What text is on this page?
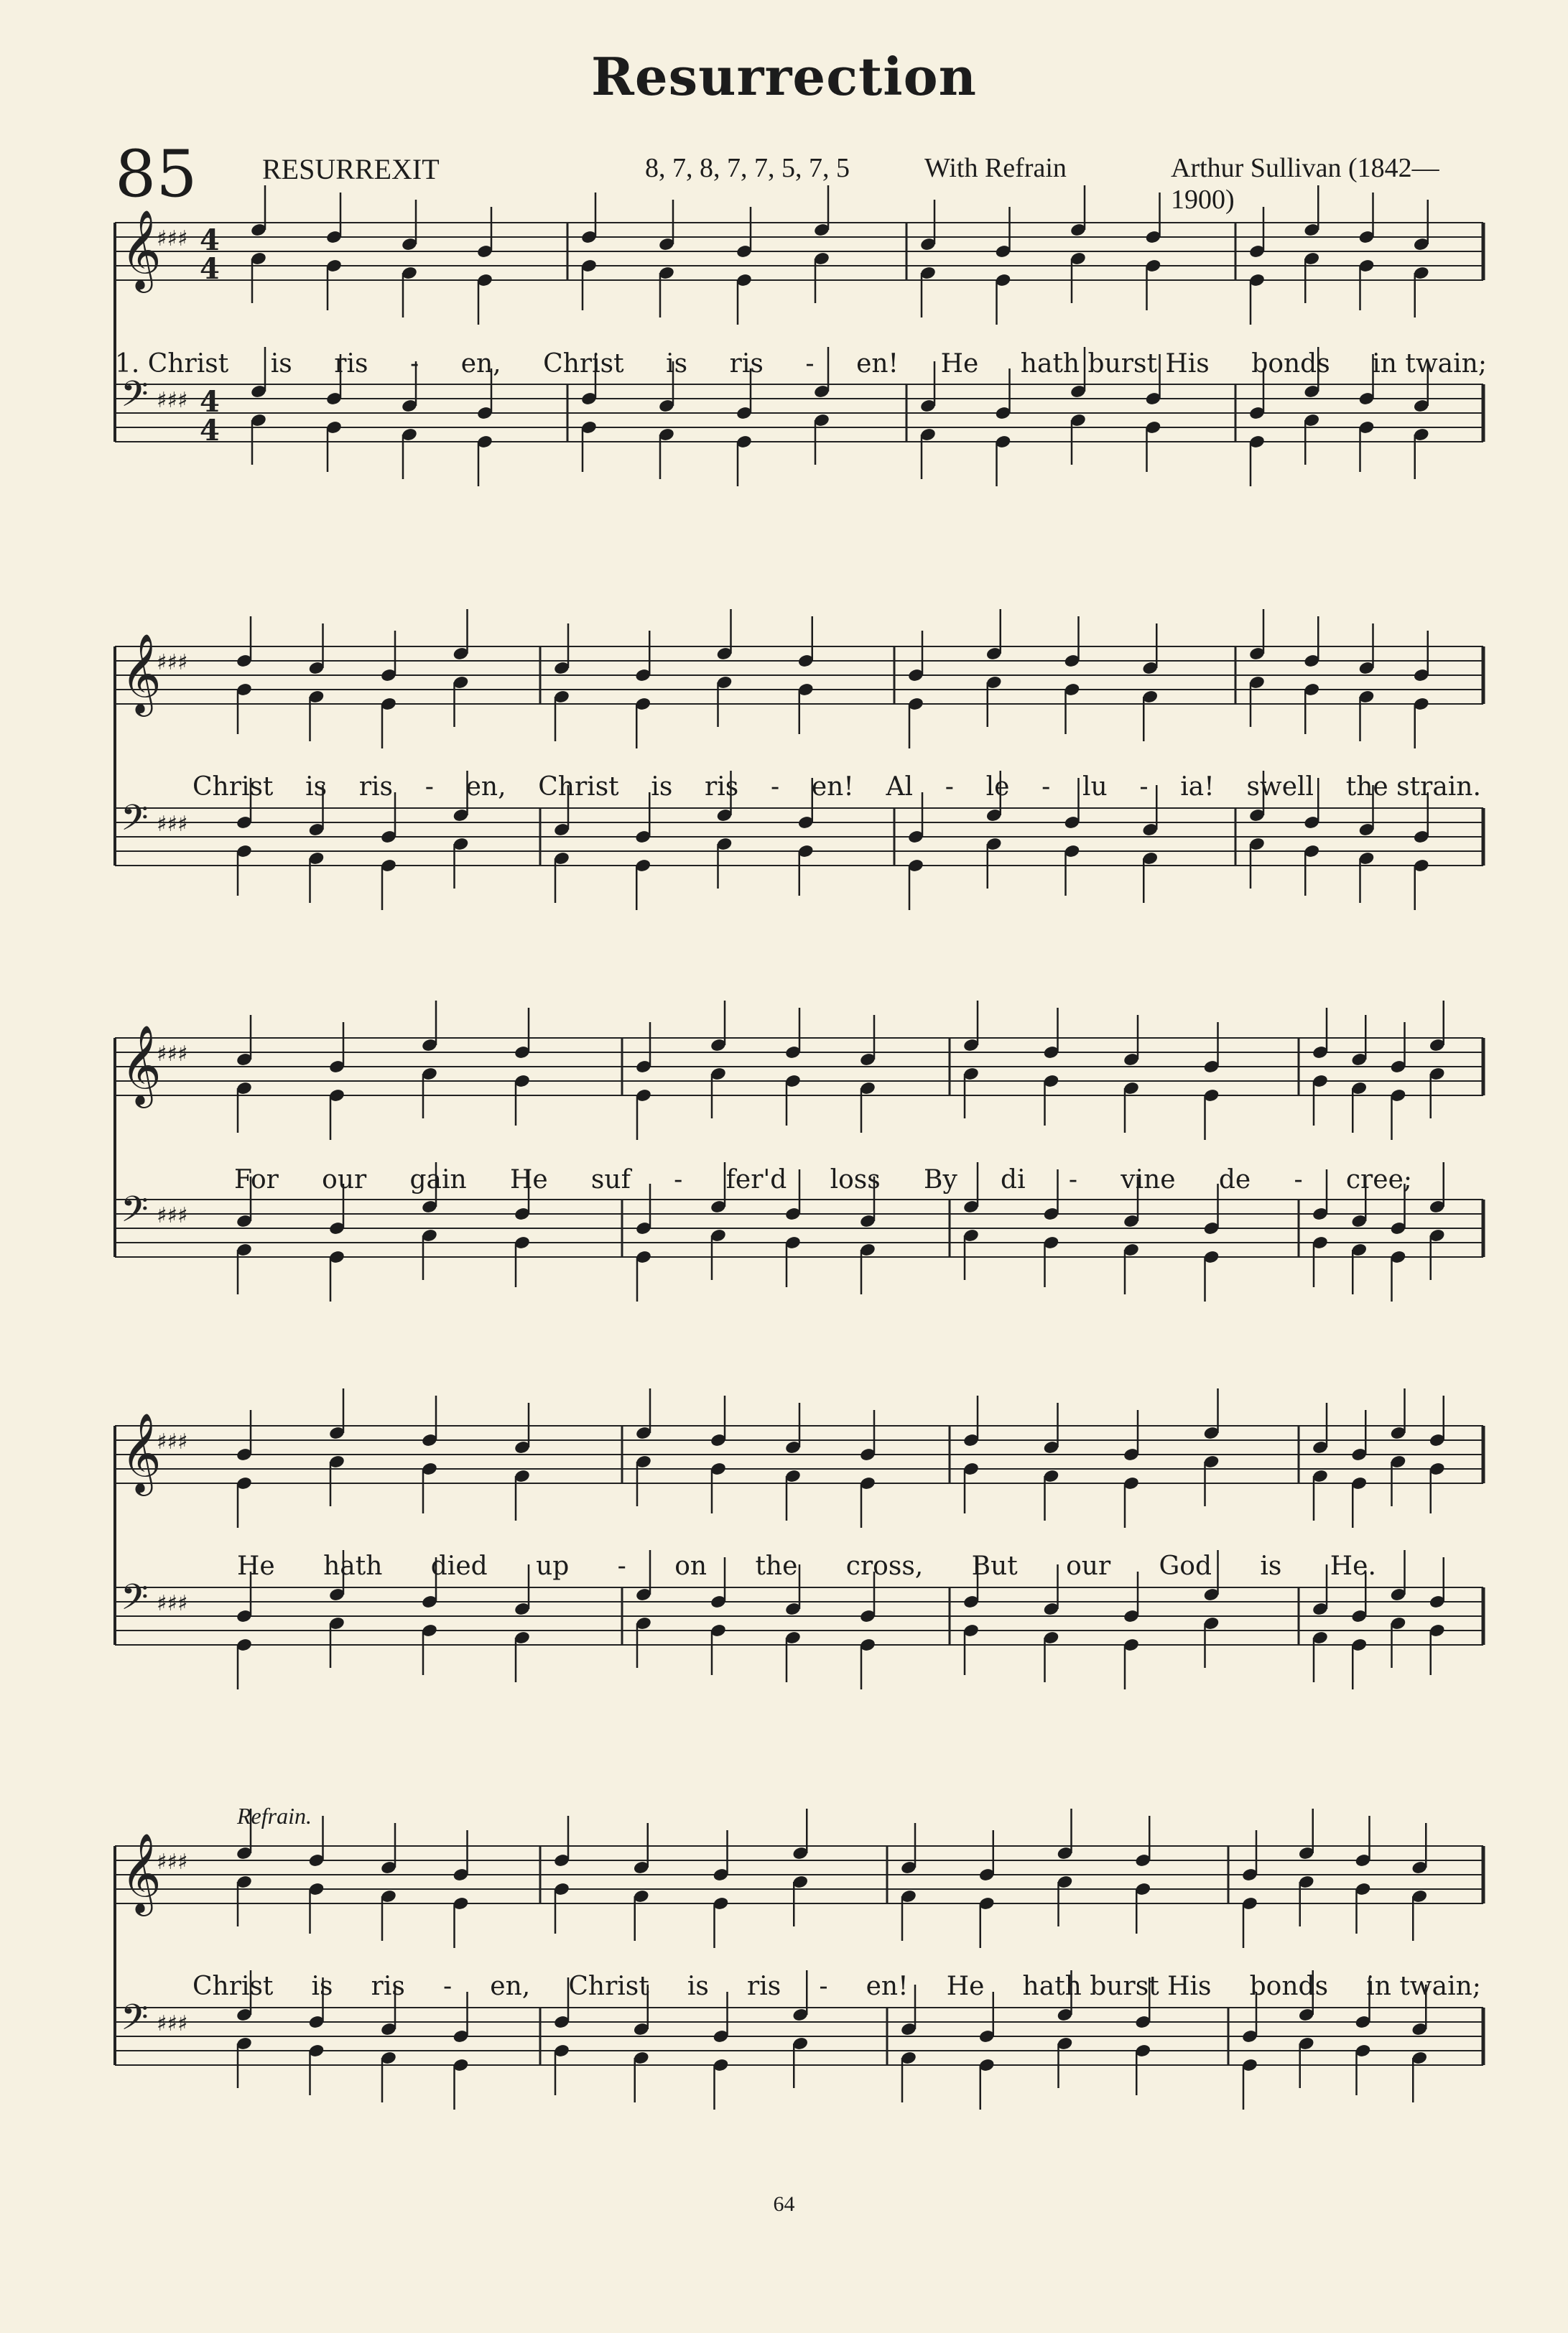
Resurrection
85 RESURREXIT	8, 7, 8, 7, 7, 5, 7, 5	With Refrain	Arthur Sullivan (1842—1900)
𝄞
♯♯♯ 4
4
𝄢 ♯♯♯ 4
4
𝄞
♯♯♯
𝄢 ♯♯♯
𝄞
♯♯♯
𝄢 ♯♯♯
𝄞
♯♯♯
𝄢 ♯♯♯
𝄞
♯♯♯
𝄢 ♯♯♯
1. Christ is ris - en, Christ is ris - en! He hath burst His bonds in twain;
Christ is ris - en, Christ is ris - en! Al - le - lu - ia! swell the strain.
For our gain He suf - fer'd loss By di - vine de - cree;
He hath died up - on the cross, But our God is He.
Refrain.
Christ is ris - en, Christ is ris - en! He hath burst His bonds in twain;
64
